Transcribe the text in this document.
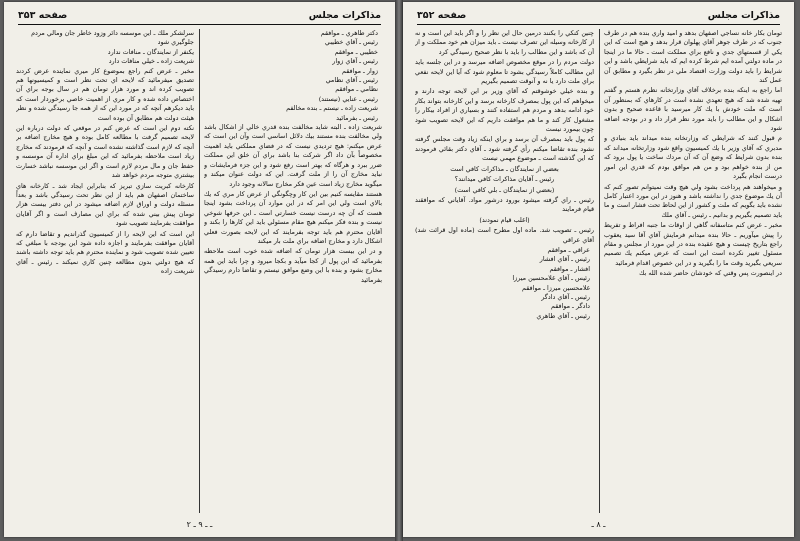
صفحه ۳۵۳	مذاكرات مجلس
دكتر طاهري ـ موافقم
رئيس ـ آقاي خطيبي
خطيبي ـ موافقم
رئيس ـ آقاي زوار
زوار ـ موافقم
رئيس ـ آقاي نظامي
نظامي ـ موافقم
رئيس ـ عنايي (نيستند)
شريعت زاده ـ نيستم ـ بنده مخالفم
رئيس ـ بفرمائيد

شريعت زاده ـ البته شايد مخالفت بنده قدري خالي از اشكال باشد ولي مخالفت بنده مستند بيك دلائل اساسي است وآن اين است كه عرض ميكنم: هيچ ترديدي نيست كه در فضاي مملكتي بايد اهميت مخصوصاً بآن داد اگر شركت بنا باشد براي آن خلق اين مملكت ضرر ببرد و هرگاه كه بهتر است رفع شود و اين جزء فرمايشات و نبايد مخارج آن را از ملت گرفت. اين كه دولت عنوان ميكند و ميگويد مخارج زياد است عين فكر مخارج سالانه وجود دارد

هستند مقايسه كنيم بين اين كار وچگونگي از عرض كار مري كه يك بالاي است ولي اين امر كه در اين موارد آن پرداخت بشود اينجا هست كه آن چه درست نيست خسارتي است ـ اين حرفها شوخي نيست و بنده فكر ميكنم هيچ مقام مسئولي بايد اين كارها را بكند و آقايان محترم هم بايد توجه بفرمايند كه اين لايحه بصورت فعلي اشكال دارد و مخارج اضافه براي ملت بار ميكند

و در اين بيست هزار تومان كه اضافه شده خوب است ملاحظه بفرمائيد كه اين پول از كجا ميآيد و بكجا ميرود و چرا بايد اين همه مخارج بشود و بنده با اين وضع موافق نيستم و تقاضا دارم رسيدگي بفرمائيد

سرلشكر ملك ـ اين موسسه دائر وزود خاطر جان ومالي مردم
جلوگيري شود
يكنفر از نمايندگان ـ منافات ندارد
شريعت زاده ـ خيلي منافات دارد

مخبر ـ عرض كنم راجع بموضوع كار ميري نماينده عرض كردند تصديق ميفرمائيد كه لايحه اي تحت نظر است و كميسيونها هم تصويب كرده اند و مورد هزار تومان هم در سال بوجه براي آن اختصاص داده شده و كار مري از اهميت خاصي برخوردار است كه بايد ديكرهم آنچه كه در مورد اين كه از همه جا رسيدگي شده و نظر هيئت دولت هم مطابق آن بوده است

نكته دوم اين است كه عرض كنم در موقعي كه دولت درباره اين لايحه تصميم گرفت با مطالعه كامل بوده و هيچ مخارج اضافه بر آنچه كه لازم است گذاشته نشده است و آنچه كه فرمودند كه مخارج زياد است ملاحظه بفرمائيد كه اين مبلغ براي اداره آن موسسه و حفظ جان و مال مردم لازم است و اگر اين موسسه نباشد خسارت بيشتري متوجه مردم خواهد شد

كارخانه كبريت سازي تبريز كه بنابراين ايجاد شد ـ كارخانه هاي ساختمان اصفهان هم بايد از اين نظر تحت رسيدگي باشد و بعداً مسئله دولت و اوراق لازم اضافه ميشود در اين دفتر بيست هزار تومان پيش بيني شده كه براي اين مصارف است و اگر آقايان موافقت بفرمايند تصويب شود

اين است كه اين لايحه را از كميسيون گذرانديم و تقاضا دارم كه آقايان موافقت بفرمايند و اجازه داده شود اين بودجه با مبلغي كه تعيين شده تصويب شود و نماينده محترم هم بايد توجه داشته باشند كه هيچ دولتي بدون مطالعه چنين كاري نميكند ـ رئيس ـ آقاي شريعت زاده

۲ ـ ـ ۹ ـ
صفحه ۳۵۲	مذاكرات مجلس

تومان بكار خانه نساجي اصفهان بدهد و اميد واري بنده هم در طرف جنوب كه در طرف جوهر آقاي پهلوان قرار بدهد و هيچ است كه اين يكي از قسمتهاي جدي و نافع براي مملكت است ـ حالا ما در اينجا در ماده دولتي آمده ايم شرط كرده ايم كه بايد شرايطي باشد و اين شرايط را بايد دولت وزارت اقتصاد ملي در نظر بگيرد و مطابق آن عمل كند

اما راجع به اينكه بنده برخلاف آقاي وزارتخانه نظرم هستم و گفتم تهيه شده شد كه هيچ تعهدي نشده است در كارهاي كه بمنظور آن است كه ملت خودش با يك كار ميرسيد با قاعده صحيح و بدون اشكال و اين مطالب را بايد مورد نظر قرار داد و در بودجه اضافه شود

م قبول كنند كه شرايطي كه وزارتخانه بنده ميداند بايد بنيادي و مدبري كه آقاي وزير با يك كميسيون واقع شود وزارتخانه ميداند كه بنده بدون شرايط كه وضع آن كه آن مردك ساخت يا پول برود كه من از بنده خواهم بود و من هم موافق بودم كه قدري اين امور درست انجام بگيرد

و ميخواهند هم پرداخت بشود ولي هيچ وقت نميتوانم تصور كنم كه آن يك موضوع جدي را نداشته باشد و هنوز در اين مورد اعتبار كامل نشده بايد بگويم كه ملت و كشور از اين لحاظ تحت فشار است و ما بايد تصميم بگيريم و بدانيم ـ رئيس ـ آقاي ملك

مخبر ـ عرض كنم متاسفانه گاهي از اوقات ما جنبه افراط و تفريط را پيش ميآوريم ـ حالا بنده ميدانم فرمايش آقاي آقا سيد يعقوب راجع بتاريخ چيست و هيچ عقيده بنده در اين مورد از مجلس و مقام مسئول تغيير نكرده است اين است كه عرض ميكنم يك تصميم سريعي بگيريد وقت ما را بگيريد و در اين خصوص اقدام فرمائيد

در اينصورت پس وقتي كه خودشان حاضر شده الله بك

چنين كنكي را بكنند درمين حال اين نظر را و اگر بايد اين است و نه از كارخانه وسيله اين تصرف نيست ـ بايد ميزان هم خود مملكت و از آن كه باشد و اين مطالب را بايد با نظر صحيح رسيدگي كرد

دولت مردم را در موقع مخصوص اضافه ميرسد و در اين جلسه بايد اين مطالب كاملاً رسيدگي بشود تا معلوم شود كه آيا اين لايحه نفعي براي ملت دارد يا نه و آنوقت تصميم بگيريم

و بنده خيلي خوشوقتم كه آقاي وزير بر اين لايحه توجه دارند و ميخواهم كه اين پول بمصرف كارخانه برسد و اين كارخانه بتواند بكار خود ادامه بدهد و مردم هم استفاده كنند و بسياري از افراد بيكار را مشغول كار كند و ما هم موافقت داريم كه اين لايحه تصويب شود چون بيمورد نيست

كه پول بايد بمصرف آن برسد و براي اينكه زياد وقت مجلس گرفته نشود بنده تقاضا ميكنم رأي گرفته شود ـ آقاي دكتر بقائي فرمودند كه اين گذشته است ـ موضوع مهمي نيست

بعضي از نمايندگان ـ مذاكرات كافي است
رئيس ـ آقايان مذاكرات كافي ميدانند؟
(بعضي از نمايندگان ـ بلي كافي است)

رئيس ـ راي گرفته ميشود بورود درشور مواد. آقاياني كه موافقند قيام فرمايند

(اغلب قيام نمودند)

رئيس ـ تصويب شد. ماده اول مطرح است (ماده اول قرائت شد) آقاي عراقي

عراقي ـ موافقم
رئيس ـ آقاي افشار
افشار ـ موافقم
رئيس ـ آقاي غلامحسين ميرزا
غلامحسين ميرزا ـ موافقم
رئيس ـ آقاي دادگر
دادگر ـ موافقم
رئيس ـ آقاي طاهري
ـ ۸ ـ
